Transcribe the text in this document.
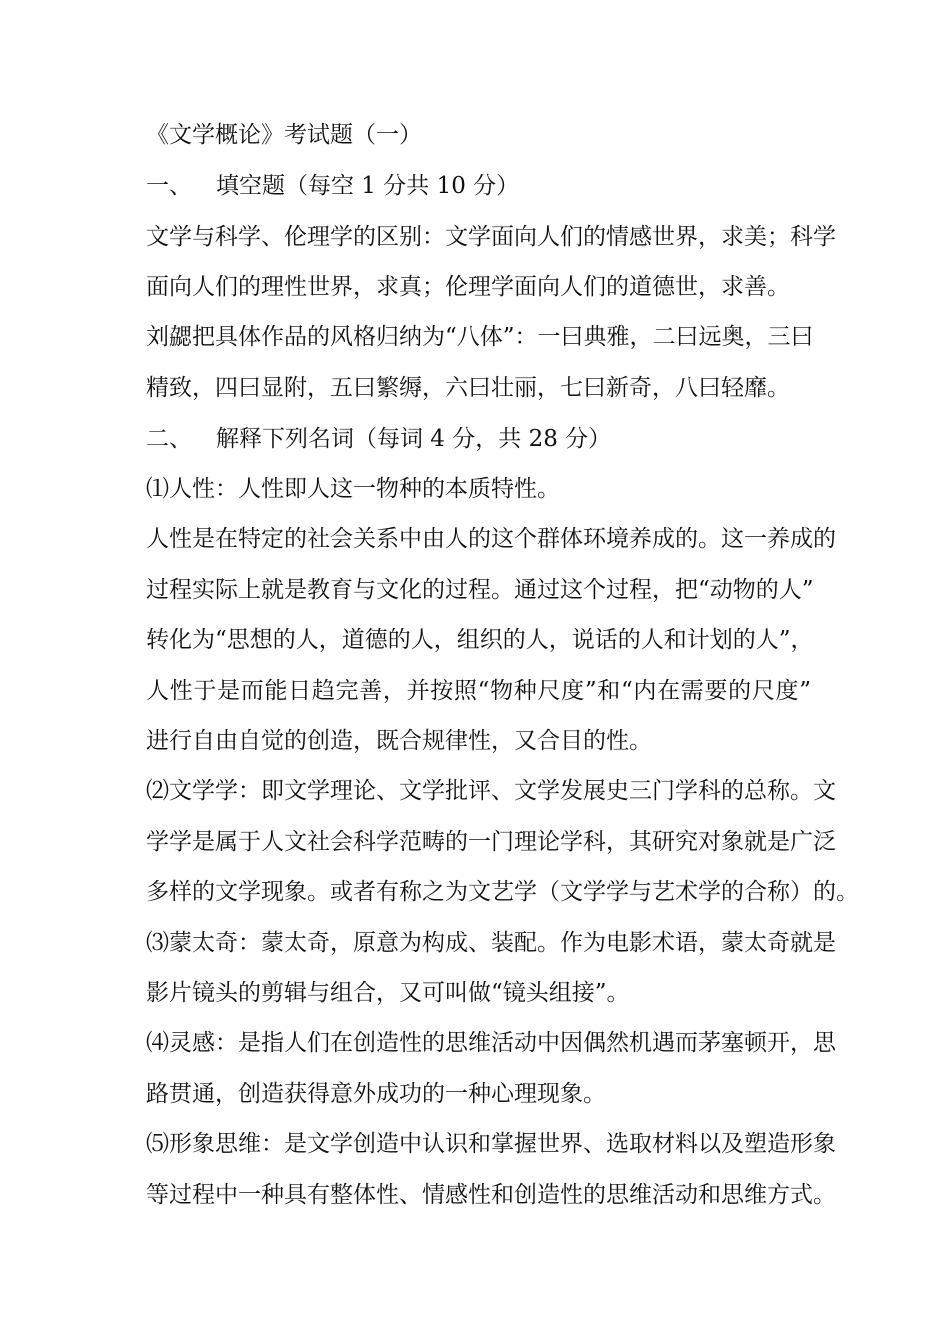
《文学概论》考试题（一）
一、 填空题（每空 1 分共 10 分）
文学与科学、伦理学的区别：文学面向人们的情感世界，求美；科学
面向人们的理性世界，求真；伦理学面向人们的道德世，求善。
刘勰把具体作品的风格归纳为“八体”：一曰典雅，二曰远奥，三曰
精致，四曰显附，五曰繁缛，六曰壮丽，七曰新奇，八曰轻靡。
二、 解释下列名词（每词 4 分，共 28 分）
⑴人性：人性即人这一物种的本质特性。
人性是在特定的社会关系中由人的这个群体环境养成的。这一养成的
过程实际上就是教育与文化的过程。通过这个过程，把“动物的人”
转化为“思想的人，道德的人，组织的人，说话的人和计划的人”，
人性于是而能日趋完善，并按照“物种尺度”和“内在需要的尺度”
进行自由自觉的创造，既合规律性，又合目的性。
⑵文学学：即文学理论、文学批评、文学发展史三门学科的总称。文
学学是属于人文社会科学范畴的一门理论学科，其研究对象就是广泛
多样的文学现象。或者有称之为文艺学（文学学与艺术学的合称）的。
⑶蒙太奇：蒙太奇，原意为构成、装配。作为电影术语，蒙太奇就是
影片镜头的剪辑与组合，又可叫做“镜头组接”。
⑷灵感：是指人们在创造性的思维活动中因偶然机遇而茅塞顿开，思
路贯通，创造获得意外成功的一种心理现象。
⑸形象思维：是文学创造中认识和掌握世界、选取材料以及塑造形象
等过程中一种具有整体性、情感性和创造性的思维活动和思维方式。
